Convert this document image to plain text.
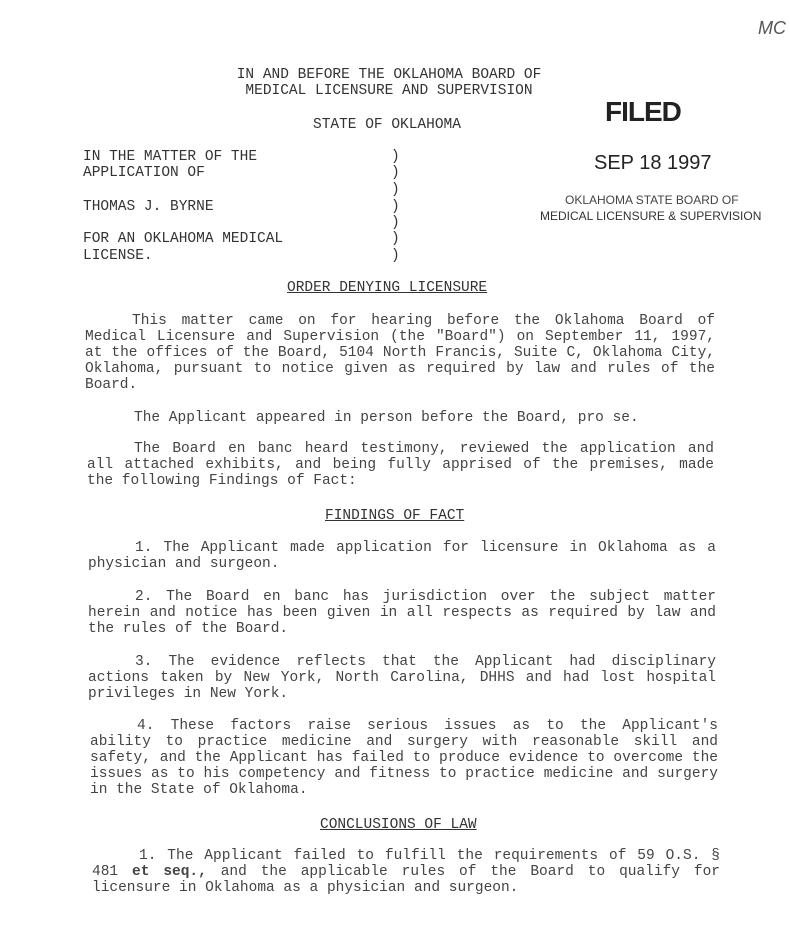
MC
IN AND BEFORE THE OKLAHOMA BOARD OF
MEDICAL LICENSURE AND SUPERVISION
STATE OF OKLAHOMA	FILED
SEP 18 1997
OKLAHOMA STATE BOARD OF
MEDICAL LICENSURE & SUPERVISION
IN THE MATTER OF THE
APPLICATION OF
THOMAS J. BYRNE
FOR AN OKLAHOMA MEDICAL
LICENSE.
)
)
)
)
)
)
)
ORDER DENYING LICENSURE
This matter came on for hearing before the Oklahoma Board of Medical Licensure and Supervision (the "Board") on September 11, 1997, at the offices of the Board, 5104 North Francis, Suite C, Oklahoma City, Oklahoma, pursuant to notice given as required by law and rules of the Board.
The Applicant appeared in person before the Board, pro se.
The Board en banc heard testimony, reviewed the application and all attached exhibits, and being fully apprised of the premises, made the following Findings of Fact:
FINDINGS OF FACT
1. The Applicant made application for licensure in Oklahoma as a physician and surgeon.
2. The Board en banc has jurisdiction over the subject matter herein and notice has been given in all respects as required by law and the rules of the Board.
3. The evidence reflects that the Applicant had disciplinary actions taken by New York, North Carolina, DHHS and had lost hospital privileges in New York.
4. These factors raise serious issues as to the Applicant's ability to practice medicine and surgery with reasonable skill and safety, and the Applicant has failed to produce evidence to overcome the issues as to his competency and fitness to practice medicine and surgery in the State of Oklahoma.
CONCLUSIONS OF LAW
1. The Applicant failed to fulfill the requirements of 59 O.S. § 481 et seq., and the applicable rules of the Board to qualify for licensure in Oklahoma as a physician and surgeon.
